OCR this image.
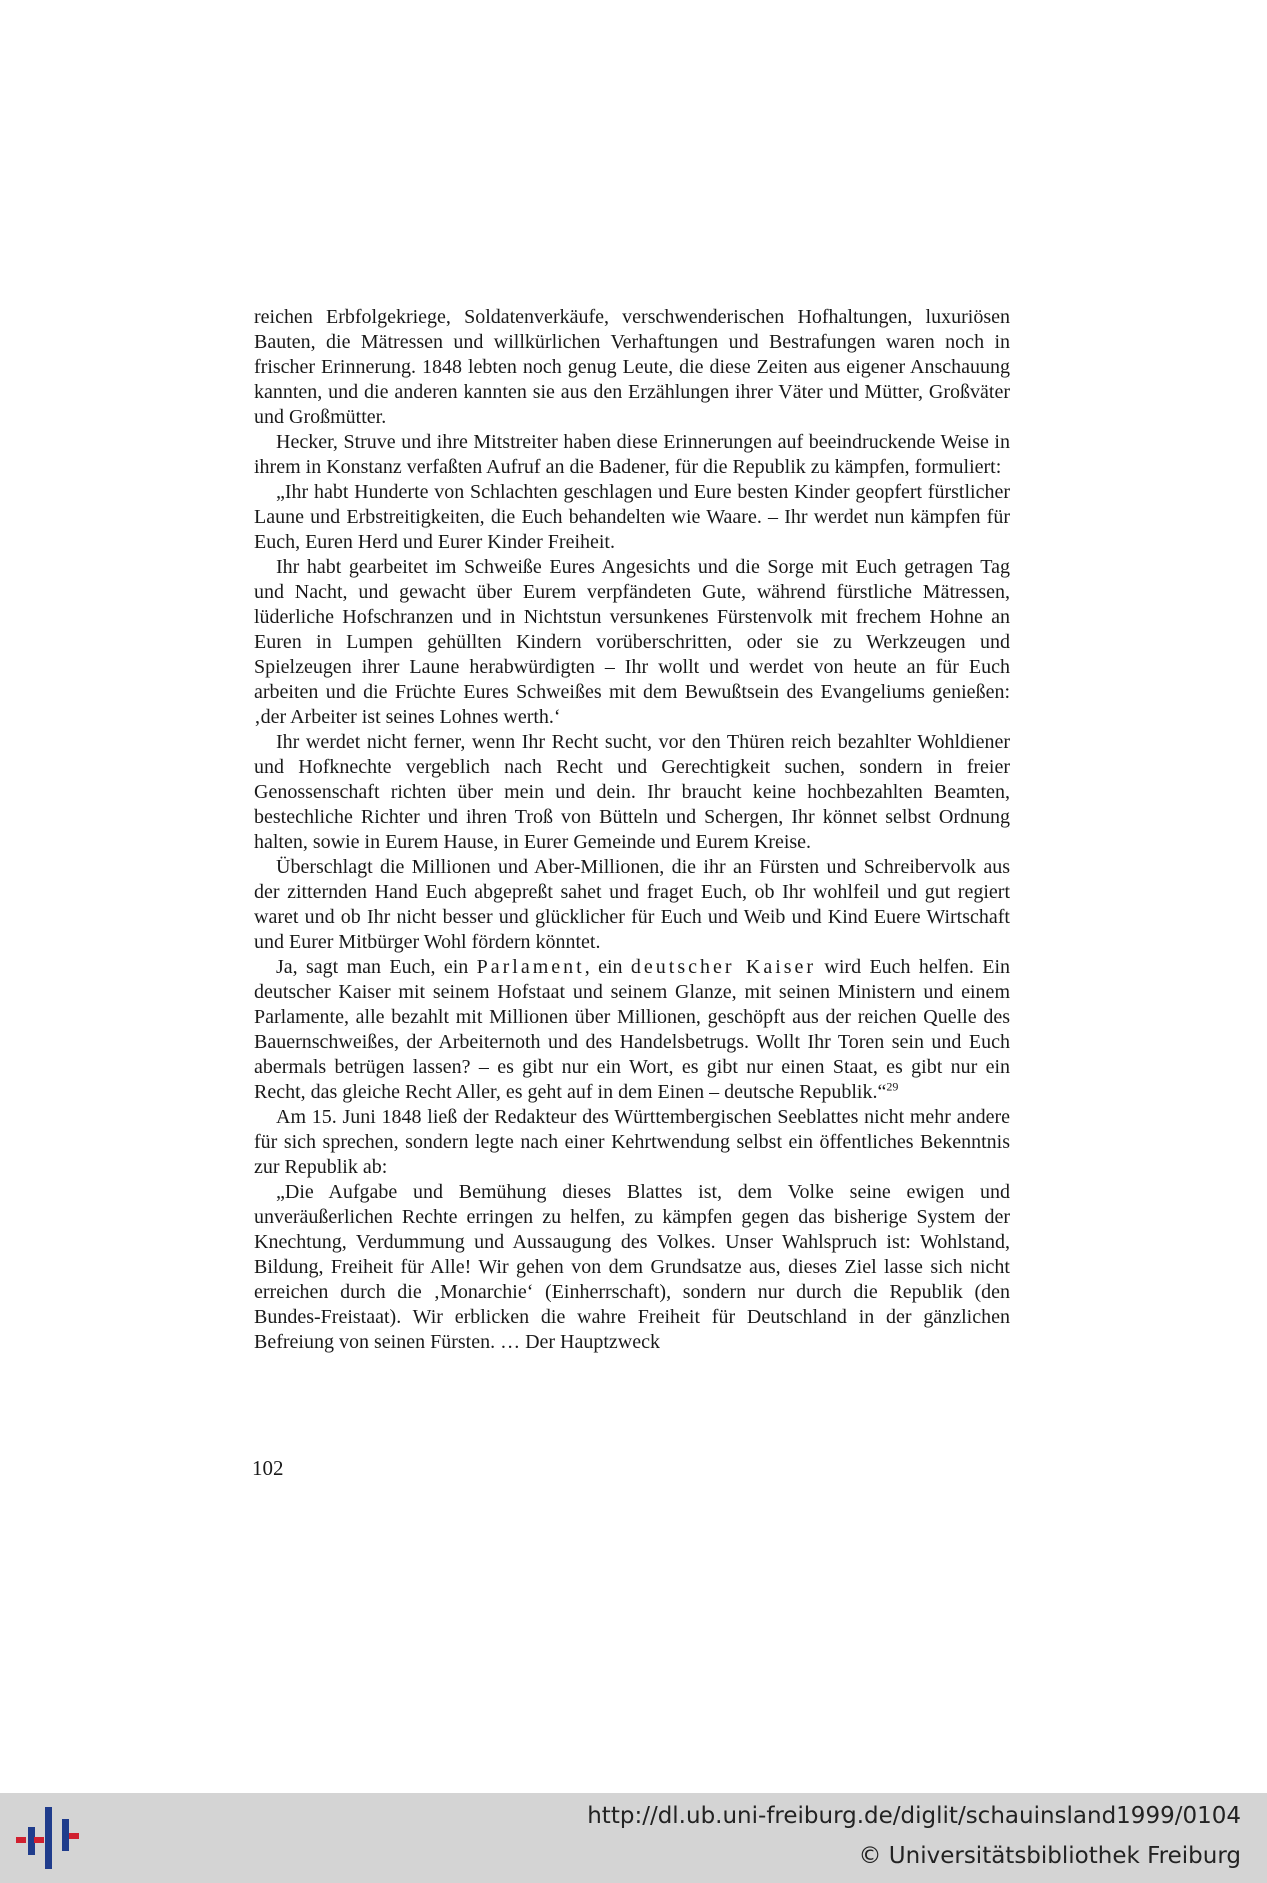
reichen Erbfolgekriege, Soldatenverkäufe, verschwenderischen Hofhaltungen, luxuriösen Bauten, die Mätressen und willkürlichen Verhaftungen und Bestrafungen waren noch in frischer Erinnerung. 1848 lebten noch genug Leute, die diese Zeiten aus eigener Anschauung kannten, und die anderen kannten sie aus den Erzählungen ihrer Väter und Mütter, Großväter und Großmütter.

Hecker, Struve und ihre Mitstreiter haben diese Erinnerungen auf beeindruckende Weise in ihrem in Konstanz verfaßten Aufruf an die Badener, für die Republik zu kämpfen, formuliert:

„Ihr habt Hunderte von Schlachten geschlagen und Eure besten Kinder geopfert fürstlicher Laune und Erbstreitigkeiten, die Euch behandelten wie Waare. – Ihr werdet nun kämpfen für Euch, Euren Herd und Eurer Kinder Freiheit.

Ihr habt gearbeitet im Schweiße Eures Angesichts und die Sorge mit Euch getragen Tag und Nacht, und gewacht über Eurem verpfändeten Gute, während fürstliche Mätressen, lüderliche Hofschranzen und in Nichtstun versunkenes Fürstenvolk mit frechem Hohne an Euren in Lumpen gehüllten Kindern vorüberschritten, oder sie zu Werkzeugen und Spielzeugen ihrer Laune herabwürdigten – Ihr wollt und werdet von heute an für Euch arbeiten und die Früchte Eures Schweißes mit dem Bewußtsein des Evangeliums genießen: ‚der Arbeiter ist seines Lohnes werth.‘

Ihr werdet nicht ferner, wenn Ihr Recht sucht, vor den Thüren reich bezahlter Wohldiener und Hofknechte vergeblich nach Recht und Gerechtigkeit suchen, sondern in freier Genossenschaft richten über mein und dein. Ihr braucht keine hochbezahlten Beamten, bestechliche Richter und ihren Troß von Bütteln und Schergen, Ihr könnet selbst Ordnung halten, sowie in Eurem Hause, in Eurer Gemeinde und Eurem Kreise.

Überschlagt die Millionen und Aber-Millionen, die ihr an Fürsten und Schreibervolk aus der zitternden Hand Euch abgepreßt sahet und fraget Euch, ob Ihr wohlfeil und gut regiert waret und ob Ihr nicht besser und glücklicher für Euch und Weib und Kind Euere Wirtschaft und Eurer Mitbürger Wohl fördern könntet.

Ja, sagt man Euch, ein Parlament, ein deutscher Kaiser wird Euch helfen. Ein deutscher Kaiser mit seinem Hofstaat und seinem Glanze, mit seinen Ministern und einem Parlamente, alle bezahlt mit Millionen über Millionen, geschöpft aus der reichen Quelle des Bauernschweißes, der Arbeiternoth und des Handelsbetrugs. Wollt Ihr Toren sein und Euch abermals betrügen lassen? – es gibt nur ein Wort, es gibt nur einen Staat, es gibt nur ein Recht, das gleiche Recht Aller, es geht auf in dem Einen – deutsche Republik.“$^{29}$

Am 15. Juni 1848 ließ der Redakteur des Württembergischen Seeblattes nicht mehr andere für sich sprechen, sondern legte nach einer Kehrtwendung selbst ein öffentliches Bekenntnis zur Republik ab:

„Die Aufgabe und Bemühung dieses Blattes ist, dem Volke seine ewigen und unveräußerlichen Rechte erringen zu helfen, zu kämpfen gegen das bisherige System der Knechtung, Verdummung und Aussaugung des Volkes. Unser Wahlspruch ist: Wohlstand, Bildung, Freiheit für Alle! Wir gehen von dem Grundsatze aus, dieses Ziel lasse sich nicht erreichen durch die ‚Monarchie‘ (Einherrschaft), sondern nur durch die Republik (den Bundes-Freistaat). Wir erblicken die wahre Freiheit für Deutschland in der gänzlichen Befreiung von seinen Fürsten. … Der Hauptzweck

102
http://dl.ub.uni-freiburg.de/diglit/schauinsland1999/0104
© Universitätsbibliothek Freiburg
